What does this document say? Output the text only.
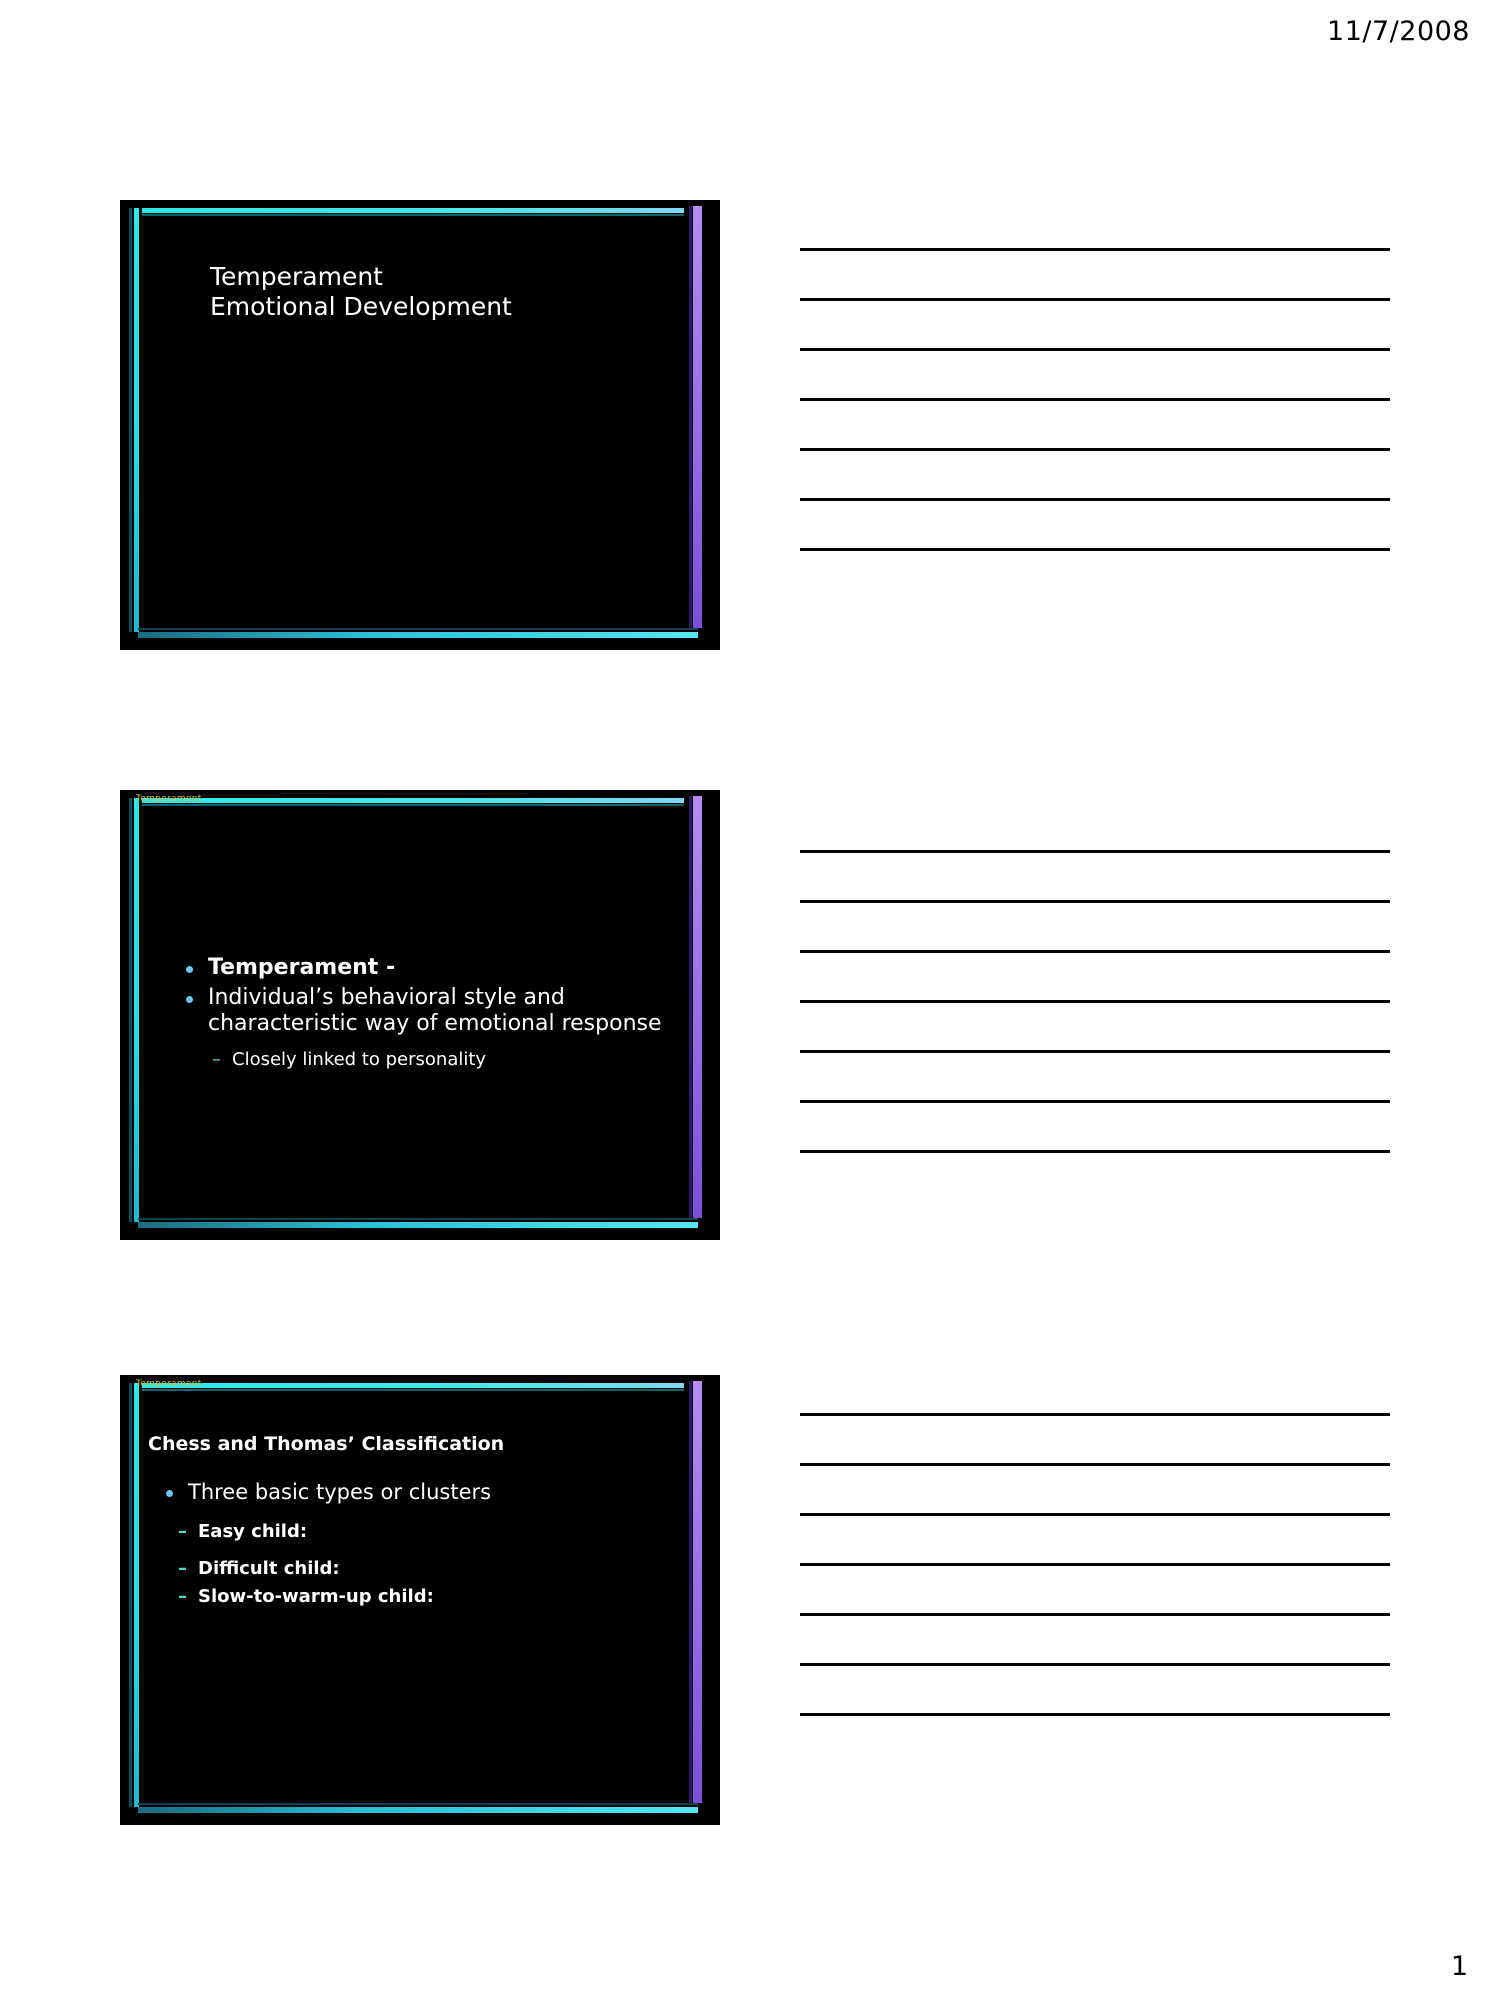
11/7/2008
Temperament
Emotional Development
Temperament
Temperament -
Individual’s behavioral style and characteristic way of emotional response
– Closely linked to personality
Temperament
Chess and Thomas’ Classification
Three basic types or clusters
– Easy child:
– Difficult child:
– Slow-to-warm-up child:
1
